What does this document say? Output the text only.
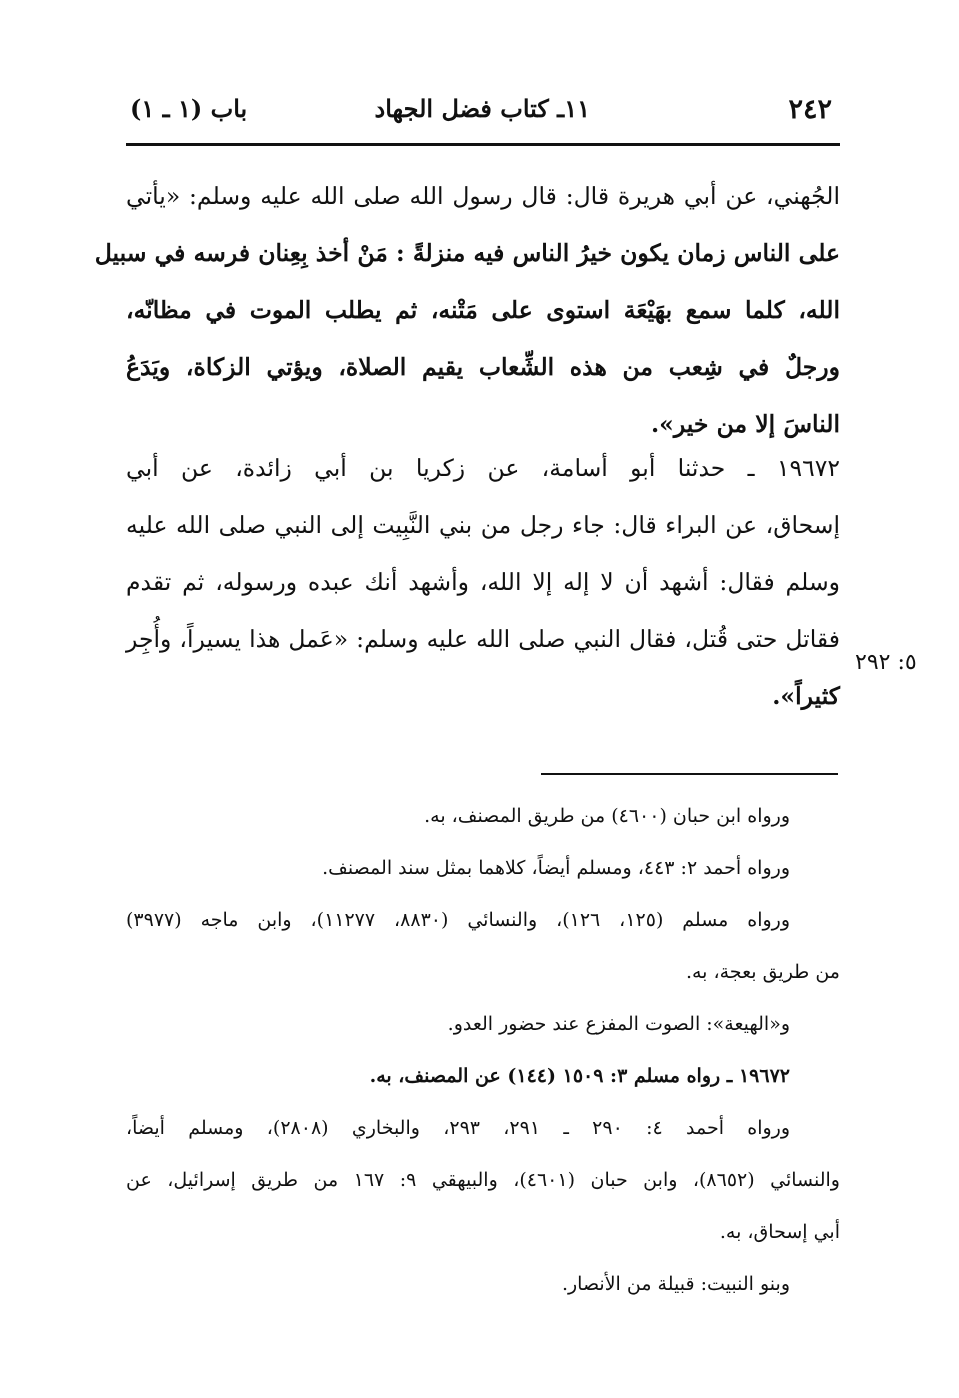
٢٤٢
١١ـ كتاب فضل الجهاد
باب (١ ـ ١)
الجُهني، عن أبي هريرة قال: قال رسول الله صلى الله عليه وسلم: «يأتي
على الناس زمان يكون خيرُ الناس فيه منزلةً : مَنْ أخذ بِعِنان فرسه في سبيل
الله، كلما سمع بهَيْعَة استوى على مَتْنه، ثم يطلب الموت في مظانّه،
ورجلٌ في شِعب من هذه الشِّعاب يقيم الصلاة، ويؤتي الزكاة، ويَدَعُ
الناسَ إلا من خير».
١٩٦٧٢ ـ حدثنا أبو أسامة، عن زكريا بن أبي زائدة، عن أبي
إسحاق، عن البراء قال: جاء رجل من بني النَّبِيت إلى النبي صلى الله عليه
وسلم فقال: أشهد أن لا إله إلا الله، وأشهد أنك عبده ورسوله، ثم تقدم
فقاتل حتى قُتل، فقال النبي صلى الله عليه وسلم: «عَمل هذا يسيراً، وأُجِر
كثيراً».
٥: ٢٩٢
ورواه ابن حبان (٤٦٠٠) من طريق المصنف، به.
ورواه أحمد ٢: ٤٤٣، ومسلم أيضاً، كلاهما بمثل سند المصنف.
ورواه مسلم (١٢٥، ١٢٦)، والنسائي (٨٨٣٠، ١١٢٧٧)، وابن ماجه (٣٩٧٧)
من طريق بعجة، به.
و«الهيعة»: الصوت المفزع عند حضور العدو.
١٩٦٧٢ ـ رواه مسلم ٣: ١٥٠٩ (١٤٤) عن المصنف، به.
ورواه أحمد ٤: ٢٩٠ ـ ٢٩١، ٢٩٣، والبخاري (٢٨٠٨)، ومسلم أيضاً،
والنسائي (٨٦٥٢)، وابن حبان (٤٦٠١)، والبيهقي ٩: ١٦٧ من طريق إسرائيل، عن
أبي إسحاق، به.
وبنو النبيت: قبيلة من الأنصار.
